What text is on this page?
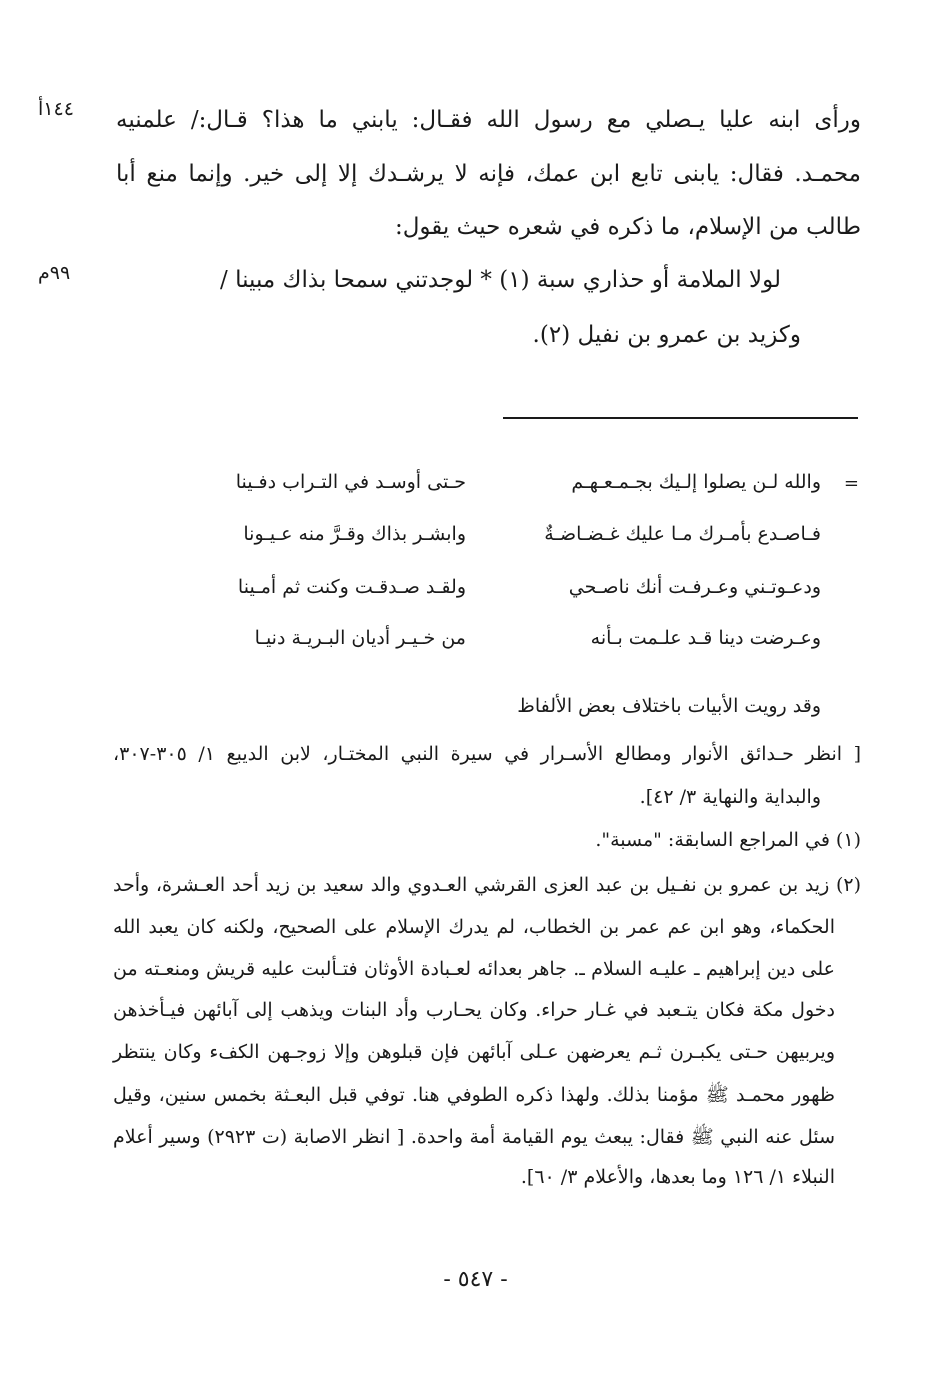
١٤٤أ
٩٩م
ورأى ابنه عليا يـصلي مع رسول الله فقـال: يابني ما هذا؟ قـال:/ علمنيه
محمـد. فقال: يابنى تابع ابن عمك، فإنه لا يرشـدك إلا إلى خير. وإنما منع أبا
طالب من الإسلام، ما ذكره في شعره حيث يقول:
لولا الملامة أو حذاري سبة (١) * لوجدتني سمحا بذاك مبينا /
وكزيد بن عمرو بن نفيل (٢).
=
والله لـن يصلوا إلـيك بجـمـعـهـم
حـتى أوسـد في التـراب دفـينا
فـاصـدع بأمـرك مـا عليك غـضـاضـةٌ
وابشـر بذاك وقـرَّ منه عـيـونا
ودعـوتـني وعـرفـت أنك ناصـحي
ولقـد صـدقـت وكنت ثم أمـينا
وعـرضت دينا قـد علـمت بـأنه
من خـيـر أديان البـريـة دنيـا
وقد رويت الأبيات باختلاف بعض الألفاظ
[ انظر حـدائق الأنوار ومطالع الأسـرار في سيرة النبي المختـار، لابن الديبع ١/ ٣٠٥-٣٠٧،
والبداية والنهاية ٣/ ٤٢].
(١) في المراجع السابقة: "مسبة".
(٢) زيد بن عمرو بن نفـيل بن عبد العزى القرشي العـدوي والد سعيد بن زيد أحد العـشرة، وأحد
الحكماء، وهو ابن عم عمر بن الخطاب، لم يدرك الإسلام على الصحيح، ولكنه كان يعبد الله
على دين إبراهيم ـ عليـه السلام ـ. جاهر بعدائه لعـبادة الأوثان فتـألبت عليه قريش ومنعـته من
دخول مكة فكان يتـعبد في غـار حراء. وكان يحـارب وأد البنات ويذهب إلى آبائهن فيـأخذهن
ويربيهن حـتى يكبـرن ثـم يعرضهن عـلى آبائهن فإن قبلوهن وإلا زوجـهن الكفء وكان ينتظر
ظهور محمـد ﷺ مؤمنا بذلك. ولهذا ذكره الطوفي هنا. توفي قبل البعـثة بخمس سنين، وقيل
سئل عنه النبي ﷺ فقال: يبعث يوم القيامة أمة واحدة. [ انظر الاصابة (ت ٢٩٢٣) وسير أعلام
النبلاء ١/ ١٢٦ وما بعدها، والأعلام ٣/ ٦٠].
- ٥٤٧ -
